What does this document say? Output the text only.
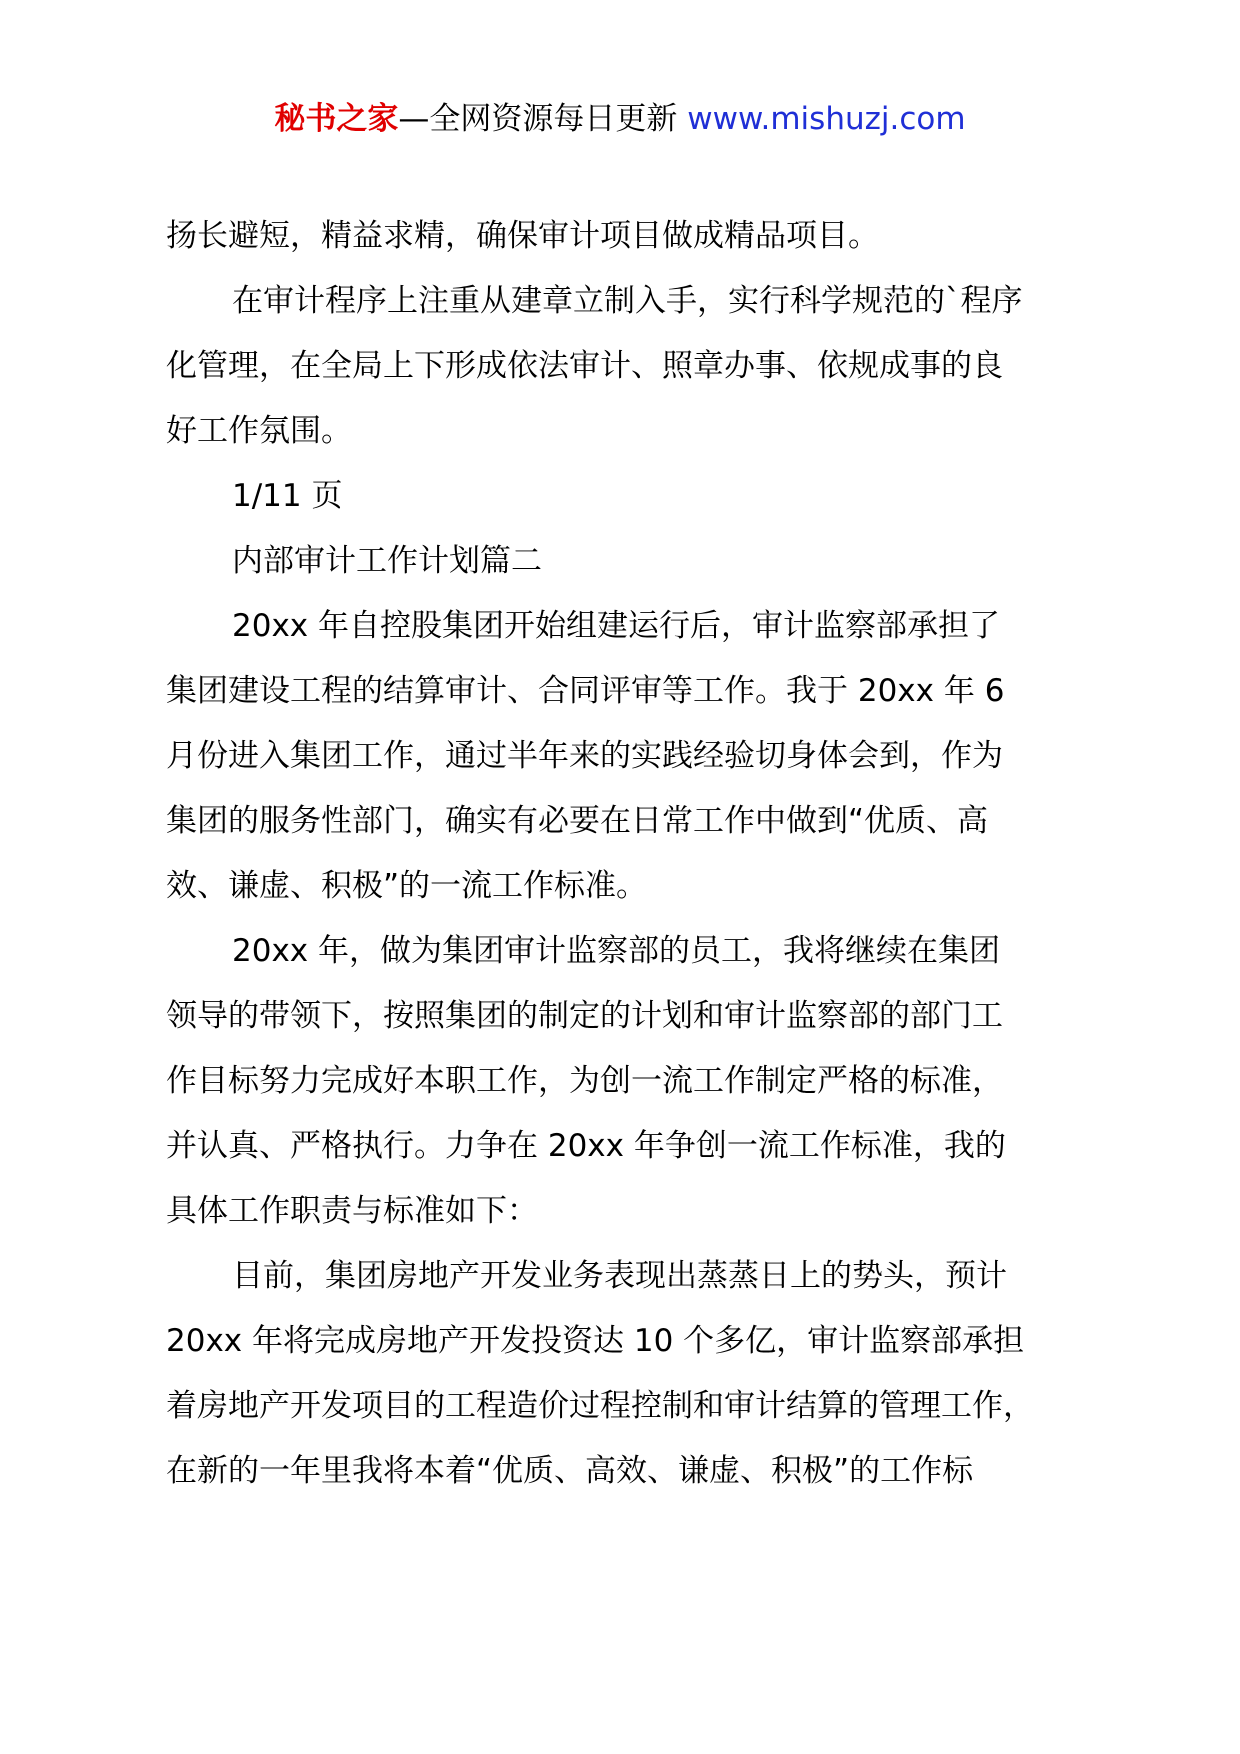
秘书之家—全网资源每日更新 www.mishuzj.com
扬长避短，精益求精，确保审计项目做成精品项目。
在审计程序上注重从建章立制入手，实行科学规范的`程序
化管理，在全局上下形成依法审计、照章办事、依规成事的良
好工作氛围。
1/11 页
内部审计工作计划篇二
20xx 年自控股集团开始组建运行后，审计监察部承担了
集团建设工程的结算审计、合同评审等工作。我于 20xx 年 6
月份进入集团工作，通过半年来的实践经验切身体会到，作为
集团的服务性部门，确实有必要在日常工作中做到“优质、高
效、谦虚、积极”的一流工作标准。
20xx 年，做为集团审计监察部的员工，我将继续在集团
领导的带领下，按照集团的制定的计划和审计监察部的部门工
作目标努力完成好本职工作，为创一流工作制定严格的标准，
并认真、严格执行。力争在 20xx 年争创一流工作标准，我的
具体工作职责与标准如下：
目前，集团房地产开发业务表现出蒸蒸日上的势头，预计
20xx 年将完成房地产开发投资达 10 个多亿，审计监察部承担
着房地产开发项目的工程造价过程控制和审计结算的管理工作，
在新的一年里我将本着“优质、高效、谦虚、积极”的工作标
